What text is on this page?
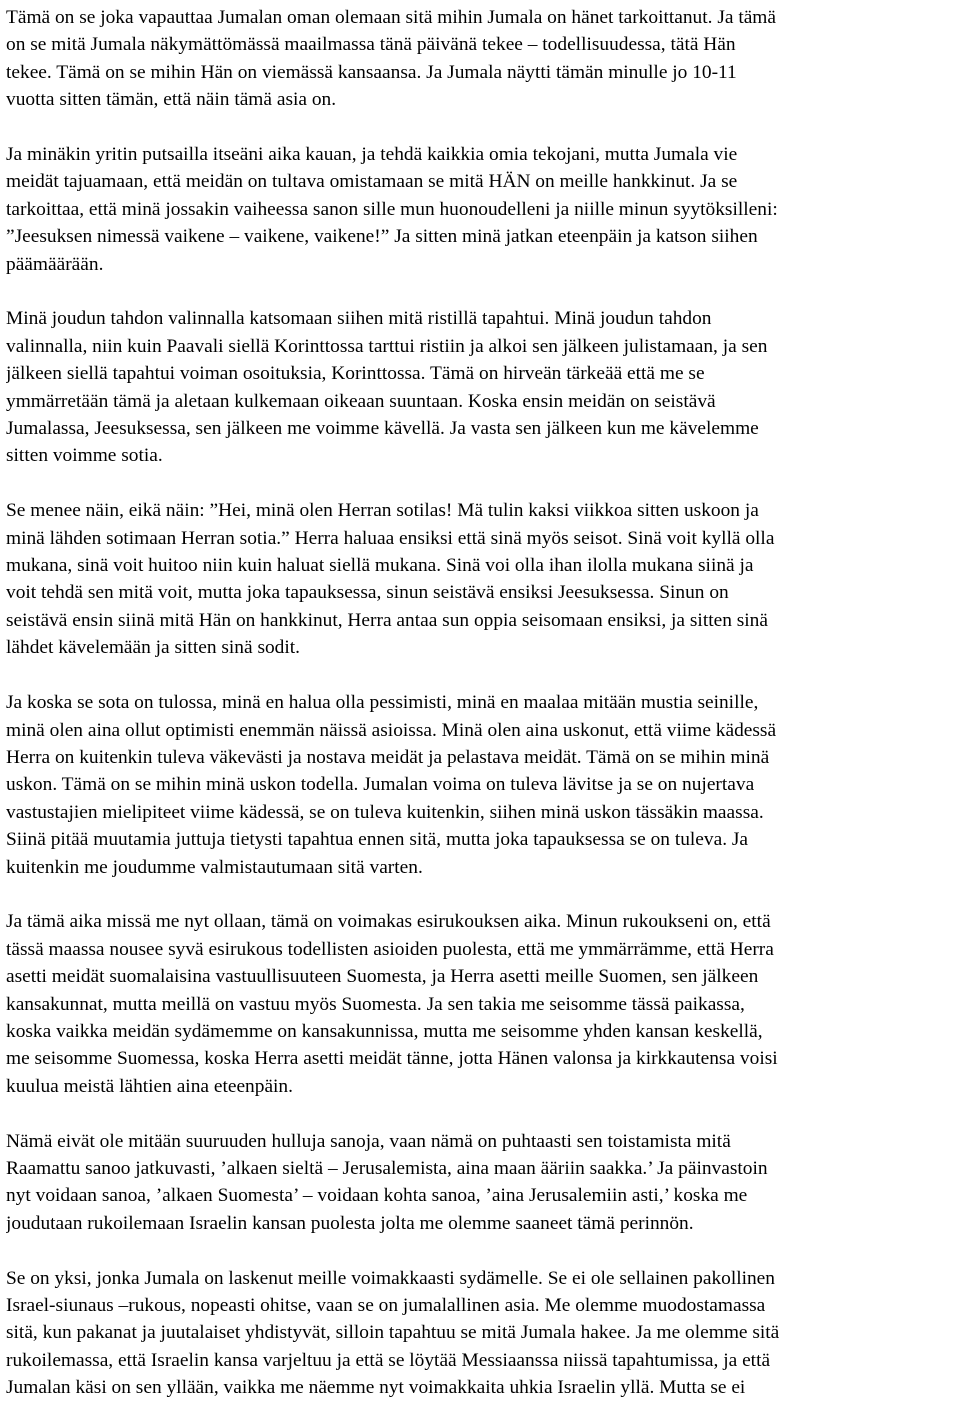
Tämä on se joka vapauttaa Jumalan oman olemaan sitä mihin Jumala on hänet tarkoittanut. Ja tämä
on se mitä Jumala näkymättömässä maailmassa tänä päivänä tekee – todellisuudessa, tätä Hän
tekee. Tämä on se mihin Hän on viemässä kansaansa. Ja Jumala näytti tämän minulle jo 10-11
vuotta sitten tämän, että näin tämä asia on.

Ja minäkin yritin putsailla itseäni aika kauan, ja tehdä kaikkia omia tekojani, mutta Jumala vie
meidät tajuamaan, että meidän on tultava omistamaan se mitä HÄN on meille hankkinut. Ja se
tarkoittaa, että minä jossakin vaiheessa sanon sille mun huonoudelleni ja niille minun syytöksilleni:
”Jeesuksen nimessä vaikene – vaikene, vaikene!” Ja sitten minä jatkan eteenpäin ja katson siihen
päämäärään.

Minä joudun tahdon valinnalla katsomaan siihen mitä ristillä tapahtui. Minä joudun tahdon
valinnalla, niin kuin Paavali siellä Korinttossa tarttui ristiin ja alkoi sen jälkeen julistamaan, ja sen
jälkeen siellä tapahtui voiman osoituksia, Korinttossa. Tämä on hirveän tärkeää että me se
ymmärretään tämä ja aletaan kulkemaan oikeaan suuntaan. Koska ensin meidän on seistävä
Jumalassa, Jeesuksessa, sen jälkeen me voimme kävellä. Ja vasta sen jälkeen kun me kävelemme
sitten voimme sotia.

Se menee näin, eikä näin: ”Hei, minä olen Herran sotilas! Mä tulin kaksi viikkoa sitten uskoon ja
minä lähden sotimaan Herran sotia.” Herra haluaa ensiksi että sinä myös seisot. Sinä voit kyllä olla
mukana, sinä voit huitoo niin kuin haluat siellä mukana. Sinä voi olla ihan ilolla mukana siinä ja
voit tehdä sen mitä voit, mutta joka tapauksessa, sinun seistävä ensiksi Jeesuksessa. Sinun on
seistävä ensin siinä mitä Hän on hankkinut, Herra antaa sun oppia seisomaan ensiksi, ja sitten sinä
lähdet kävelemään ja sitten sinä sodit.

Ja koska se sota on tulossa, minä en halua olla pessimisti, minä en maalaa mitään mustia seinille,
minä olen aina ollut optimisti enemmän näissä asioissa. Minä olen aina uskonut, että viime kädessä
Herra on kuitenkin tuleva väkevästi ja nostava meidät ja pelastava meidät. Tämä on se mihin minä
uskon. Tämä on se mihin minä uskon todella. Jumalan voima on tuleva lävitse ja se on nujertava
vastustajien mielipiteet viime kädessä, se on tuleva kuitenkin, siihen minä uskon tässäkin maassa.
Siinä pitää muutamia juttuja tietysti tapahtua ennen sitä, mutta joka tapauksessa se on tuleva. Ja
kuitenkin me joudumme valmistautumaan sitä varten.

Ja tämä aika missä me nyt ollaan, tämä on voimakas esirukouksen aika. Minun rukoukseni on, että
tässä maassa nousee syvä esirukous todellisten asioiden puolesta, että me ymmärrämme, että Herra
asetti meidät suomalaisina vastuullisuuteen Suomesta, ja Herra asetti meille Suomen, sen jälkeen
kansakunnat, mutta meillä on vastuu myös Suomesta. Ja sen takia me seisomme tässä paikassa,
koska vaikka meidän sydämemme on kansakunnissa, mutta me seisomme yhden kansan keskellä,
me seisomme Suomessa, koska Herra asetti meidät tänne, jotta Hänen valonsa ja kirkkautensa voisi
kuulua meistä lähtien aina eteenpäin.

Nämä eivät ole mitään suuruuden hulluja sanoja, vaan nämä on puhtaasti sen toistamista mitä
Raamattu sanoo jatkuvasti, ’alkaen sieltä – Jerusalemista, aina maan ääriin saakka.’ Ja päinvastoin
nyt voidaan sanoa, ’alkaen Suomesta’ – voidaan kohta sanoa, ’aina Jerusalemiin asti,’ koska me
joudutaan rukoilemaan Israelin kansan puolesta jolta me olemme saaneet tämä perinnön.

Se on yksi, jonka Jumala on laskenut meille voimakkaasti sydämelle. Se ei ole sellainen pakollinen
Israel-siunaus –rukous, nopeasti ohitse, vaan se on jumalallinen asia. Me olemme muodostamassa
sitä, kun pakanat ja juutalaiset yhdistyvät, silloin tapahtuu se mitä Jumala hakee. Ja me olemme sitä
rukoilemassa, että Israelin kansa varjeltuu ja että se löytää Messiaanssa niissä tapahtumissa, ja että
Jumalan käsi on sen yllään, vaikka me näemme nyt voimakkaita uhkia Israelin yllä. Mutta se ei
